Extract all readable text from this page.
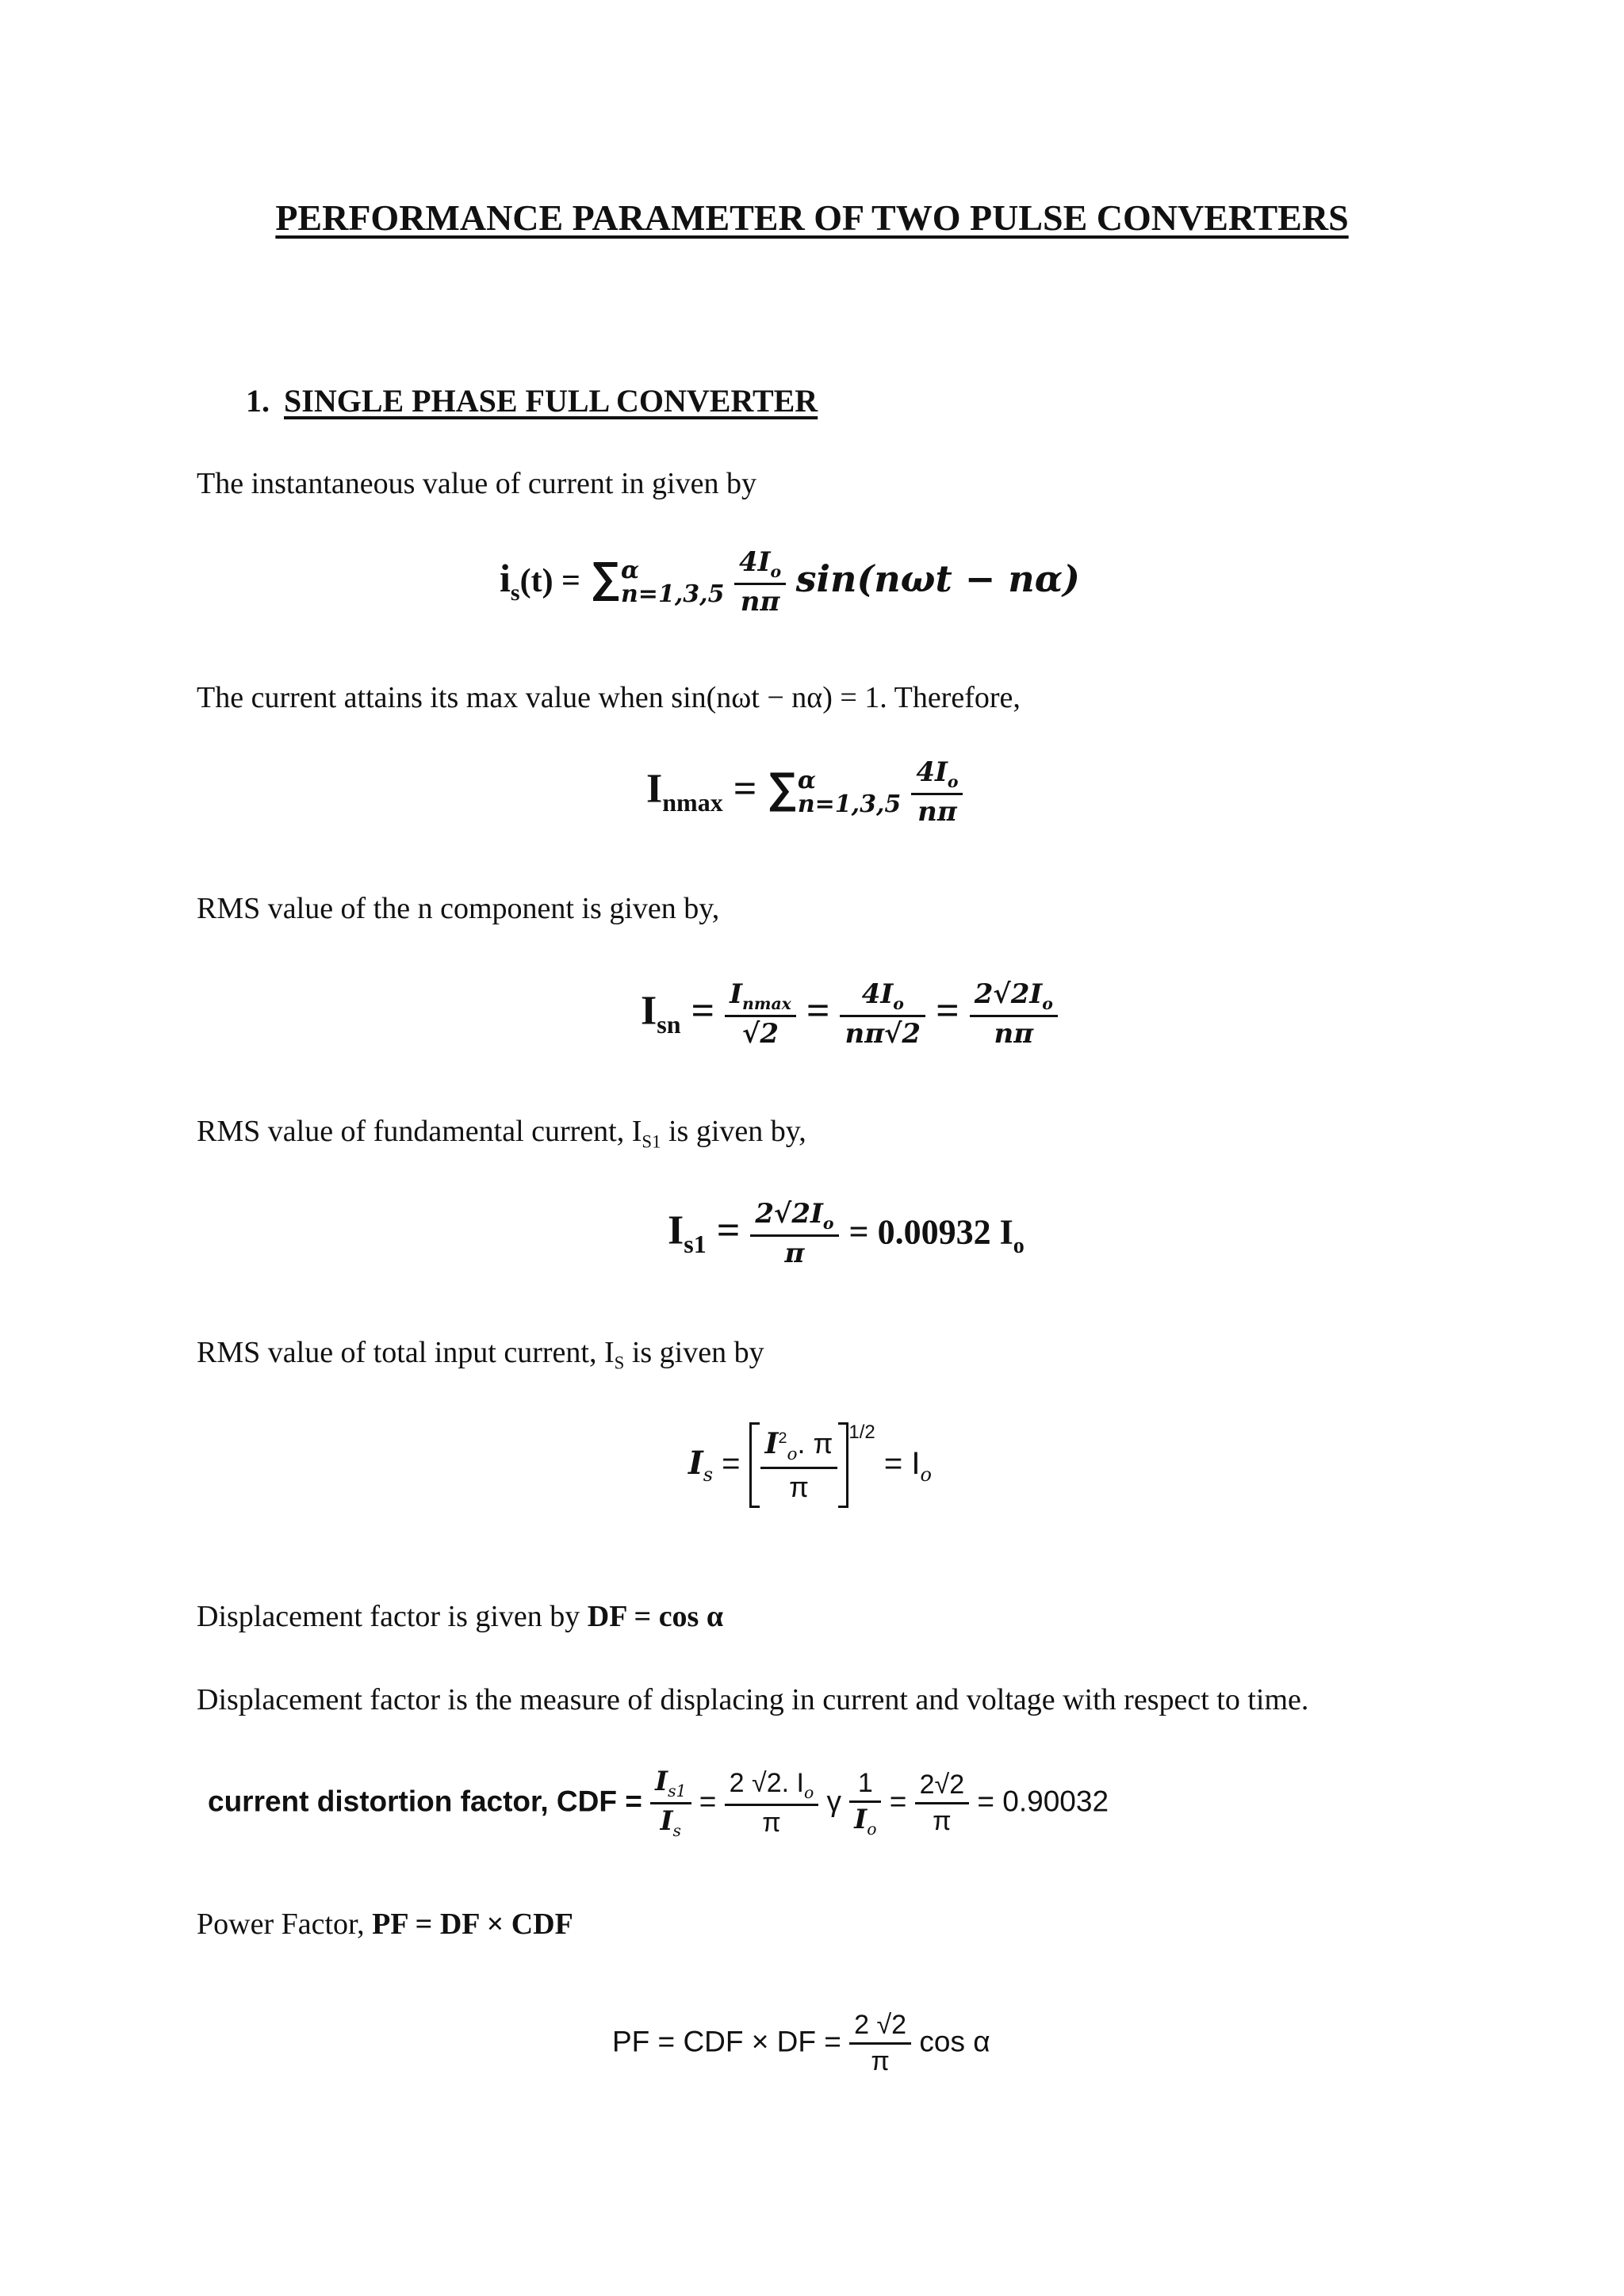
PERFORMANCE PARAMETER OF TWO PULSE CONVERTERS
1. SINGLE PHASE FULL CONVERTER
The instantaneous value of current in given by
$i_s(t)$ = ∑ α
n=1,3,5
$\frac{4I_o}{n\pi} \sin(n\omega t - n\alpha)$
The current attains its max value when sin(nωt − nα) = 1. Therefore,
$I_{nmax}$ = ∑ α
n=1,3,5
$\frac{4I_o}{n\pi}$
RMS value of the n component is given by,
$I_{sn} = \frac{I_{nmax}}{√2} = \frac{4I_o}{n\pi√2} = \frac{2√2I_o}{n\pi}$
RMS value of fundamental current, $I_{S1}$ is given by,
$I_{s1} = \frac{2√2I_o}{\pi} = 0.00932$ $I_o$
RMS value of total input current, $I_S$ is given by
$I_s = \frac{I^2_o. \pi}{\pi} ^{1/2} = I_o$
Displacement factor is given by DF = cos α
Displacement factor is the measure of displacing in current and voltage with respect to time.
current distortion factor, CDF = $\frac{I_{s1}}{I_s} = \frac{2 √2. I_o}{\pi}$ γ $\frac{1}{I_o} = \frac{2√2}{\pi} = 0.90032$
Power Factor, PF = DF × CDF
PF = CDF × DF = $\frac{2 √2}{\pi}$ cos α
